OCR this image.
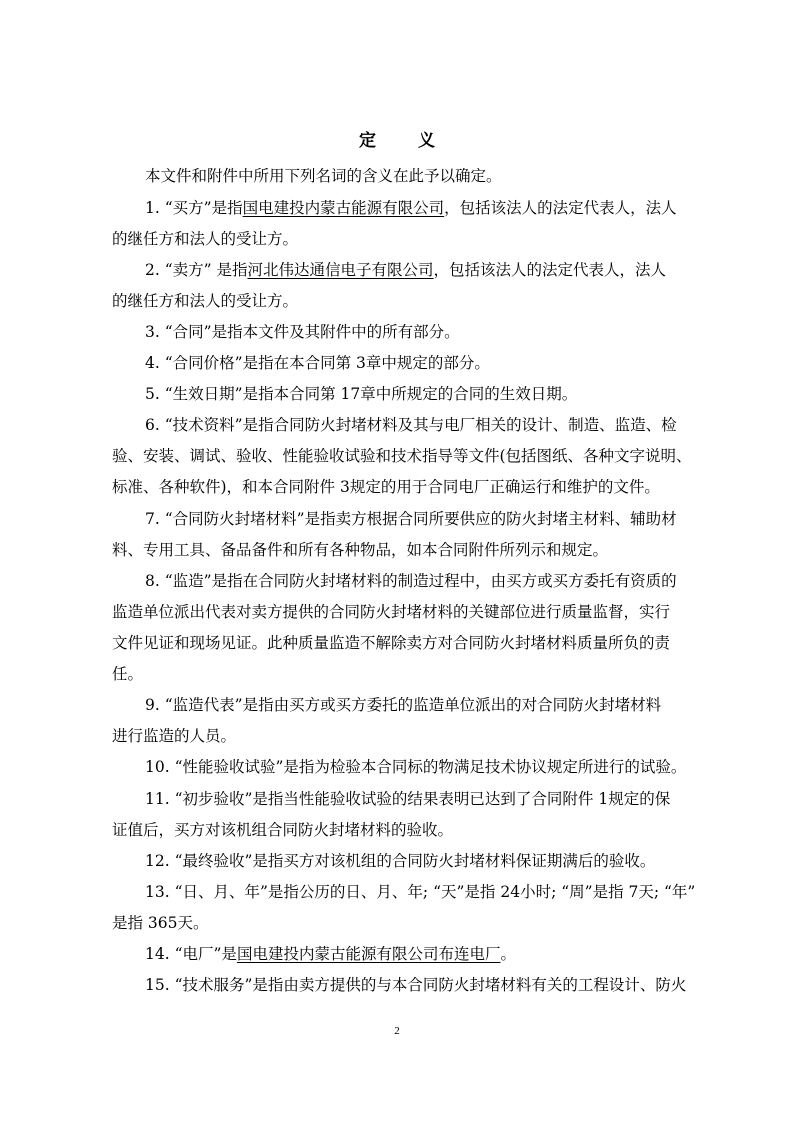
定 义
本文件和附件中所用下列名词的含义在此予以确定。
1. “买方”是指国电建投内蒙古能源有限公司，包括该法人的法定代表人，法人
的继任方和法人的受让方。
2. “卖方” 是指河北伟达通信电子有限公司，包括该法人的法定代表人，法人
的继任方和法人的受让方。
3. “合同”是指本文件及其附件中的所有部分。
4. “合同价格”是指在本合同第 3章中规定的部分。
5. “生效日期”是指本合同第 17章中所规定的合同的生效日期。
6. “技术资料”是指合同防火封堵材料及其与电厂相关的设计、制造、监造、检
验、安装、调试、验收、性能验收试验和技术指导等文件(包括图纸、各种文字说明、
标准、各种软件)，和本合同附件 3规定的用于合同电厂正确运行和维护的文件。
7. “合同防火封堵材料”是指卖方根据合同所要供应的防火封堵主材料、辅助材
料、专用工具、备品备件和所有各种物品，如本合同附件所列示和规定。
8. “监造”是指在合同防火封堵材料的制造过程中，由买方或买方委托有资质的
监造单位派出代表对卖方提供的合同防火封堵材料的关键部位进行质量监督，实行
文件见证和现场见证。此种质量监造不解除卖方对合同防火封堵材料质量所负的责
任。
9. “监造代表”是指由买方或买方委托的监造单位派出的对合同防火封堵材料
进行监造的人员。
10. “性能验收试验”是指为检验本合同标的物满足技术协议规定所进行的试验。
11. “初步验收”是指当性能验收试验的结果表明已达到了合同附件 1规定的保
证值后，买方对该机组合同防火封堵材料的验收。
12. “最终验收”是指买方对该机组的合同防火封堵材料保证期满后的验收。
13. “日、月、年”是指公历的日、月、年; “天”是指 24小时; “周”是指 7天; “年”
是指 365天。
14. “电厂”是国电建投内蒙古能源有限公司布连电厂。
15. “技术服务”是指由卖方提供的与本合同防火封堵材料有关的工程设计、防火
2
